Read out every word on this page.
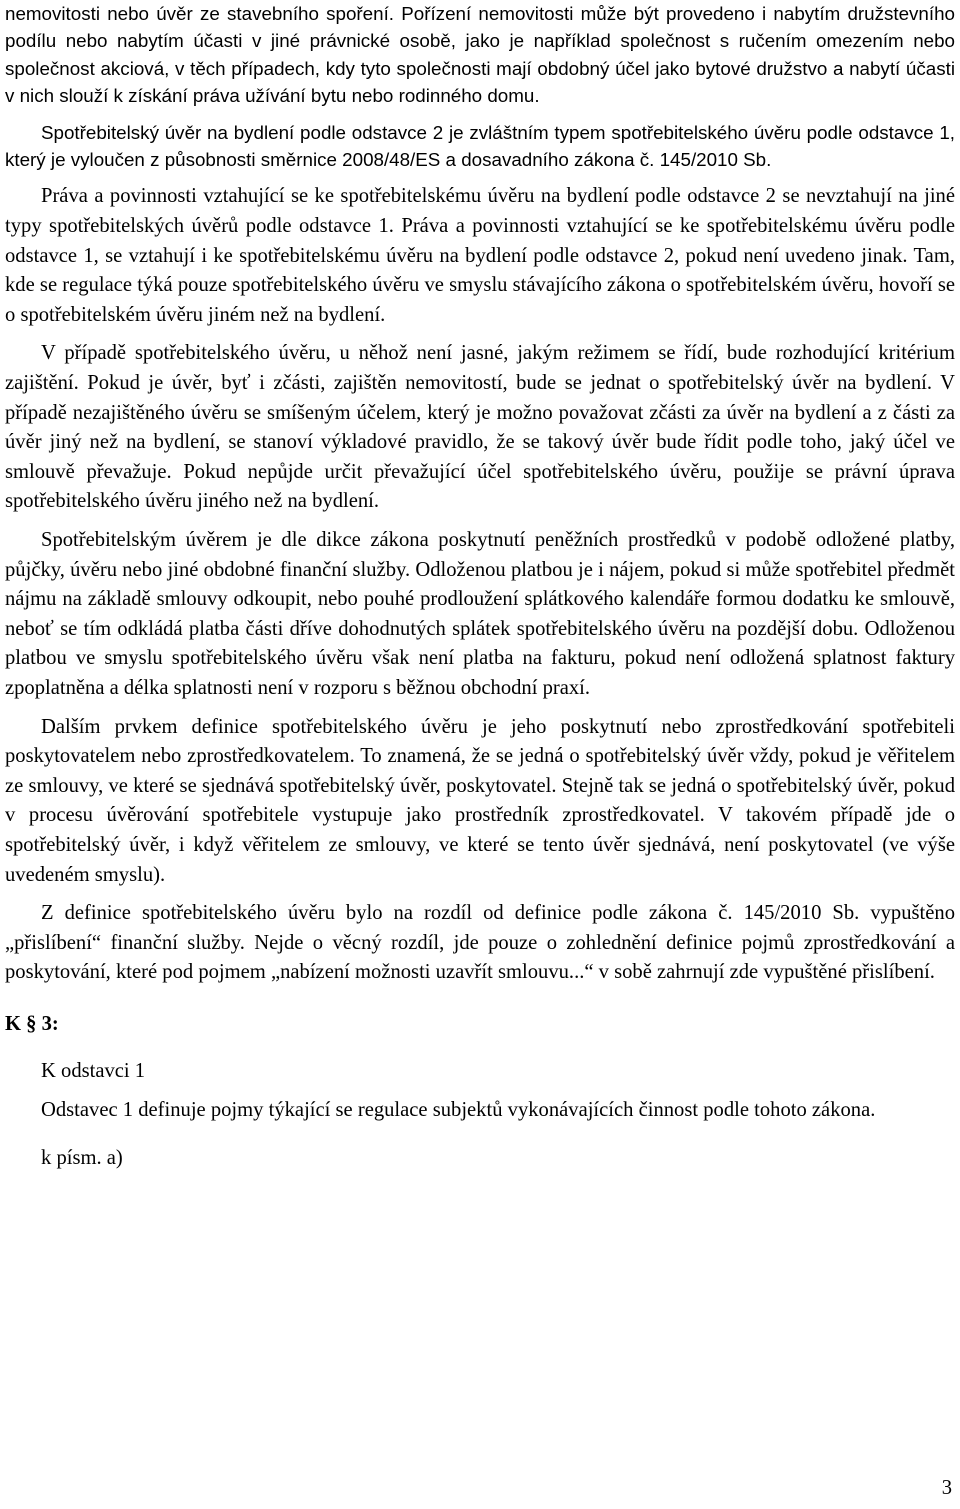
nemovitosti nebo úvěr ze stavebního spoření. Pořízení nemovitosti může být provedeno i nabytím družstevního podílu nebo nabytím účasti v jiné právnické osobě, jako je například společnost s ručením omezením nebo společnost akciová, v těch případech, kdy tyto společnosti mají obdobný účel jako bytové družstvo a nabytí účasti v nich slouží k získání práva užívání bytu nebo rodinného domu.

Spotřebitelský úvěr na bydlení podle odstavce 2 je zvláštním typem spotřebitelského úvěru podle odstavce 1, který je vyloučen z působnosti směrnice 2008/48/ES a dosavadního zákona č. 145/2010 Sb.

Práva a povinnosti vztahující se ke spotřebitelskému úvěru na bydlení podle odstavce 2 se nevztahují na jiné typy spotřebitelských úvěrů podle odstavce 1. Práva a povinnosti vztahující se ke spotřebitelskému úvěru podle odstavce 1, se vztahují i ke spotřebitelskému úvěru na bydlení podle odstavce 2, pokud není uvedeno jinak. Tam, kde se regulace týká pouze spotřebitelského úvěru ve smyslu stávajícího zákona o spotřebitelském úvěru, hovoří se o spotřebitelském úvěru jiném než na bydlení.

V případě spotřebitelského úvěru, u něhož není jasné, jakým režimem se řídí, bude rozhodující kritérium zajištění. Pokud je úvěr, byť i zčásti, zajištěn nemovitostí, bude se jednat o spotřebitelský úvěr na bydlení. V případě nezajištěného úvěru se smíšeným účelem, který je možno považovat zčásti za úvěr na bydlení a z části za úvěr jiný než na bydlení, se stanoví výkladové pravidlo, že se takový úvěr bude řídit podle toho, jaký účel ve smlouvě převažuje. Pokud nepůjde určit převažující účel spotřebitelského úvěru, použije se právní úprava spotřebitelského úvěru jiného než na bydlení.

Spotřebitelským úvěrem je dle dikce zákona poskytnutí peněžních prostředků v podobě odložené platby, půjčky, úvěru nebo jiné obdobné finanční služby. Odloženou platbou je i nájem, pokud si může spotřebitel předmět nájmu na základě smlouvy odkoupit, nebo pouhé prodloužení splátkového kalendáře formou dodatku ke smlouvě, neboť se tím odkládá platba části dříve dohodnutých splátek spotřebitelského úvěru na pozdější dobu. Odloženou platbou ve smyslu spotřebitelského úvěru však není platba na fakturu, pokud není odložená splatnost faktury zpoplatněna a délka splatnosti není v rozporu s běžnou obchodní praxí.

Dalším prvkem definice spotřebitelského úvěru je jeho poskytnutí nebo zprostředkování spotřebiteli poskytovatelem nebo zprostředkovatelem. To znamená, že se jedná o spotřebitelský úvěr vždy, pokud je věřitelem ze smlouvy, ve které se sjednává spotřebitelský úvěr, poskytovatel. Stejně tak se jedná o spotřebitelský úvěr, pokud v procesu úvěrování spotřebitele vystupuje jako prostředník zprostředkovatel. V takovém případě jde o spotřebitelský úvěr, i když věřitelem ze smlouvy, ve které se tento úvěr sjednává, není poskytovatel (ve výše uvedeném smyslu).

Z definice spotřebitelského úvěru bylo na rozdíl od definice podle zákona č. 145/2010 Sb. vypuštěno „přislíbení“ finanční služby. Nejde o věcný rozdíl, jde pouze o zohlednění definice pojmů zprostředkování a poskytování, které pod pojmem „nabízení možnosti uzavřít smlouvu...“ v sobě zahrnují zde vypuštěné přislíbení.

K § 3:

K odstavci 1

Odstavec 1 definuje pojmy týkající se regulace subjektů vykonávajících činnost podle tohoto zákona.

k písm. a)

3
